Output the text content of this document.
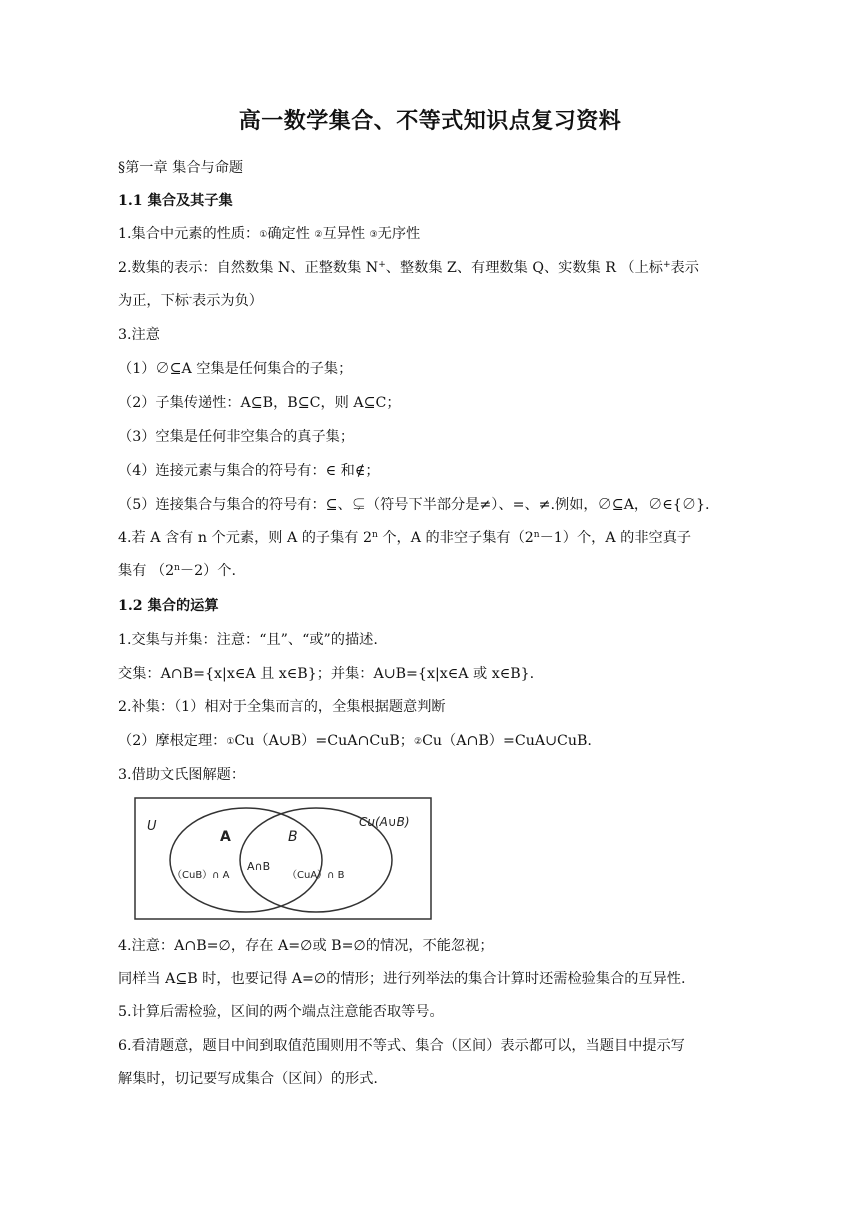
高一数学集合、不等式知识点复习资料
§第一章 集合与命题
1.1 集合及其子集
1.集合中元素的性质：①确定性 ②互异性 ③无序性
2.数集的表示：自然数集 N、正整数集 N+、整数集 Z、有理数集 Q、实数集 R （上标+表示
为正，下标-表示为负）
3.注意
（1）∅⊆A 空集是任何集合的子集；
（2）子集传递性：A⊆B，B⊆C，则 A⊆C；
（3）空集是任何非空集合的真子集；
（4）连接元素与集合的符号有：∈ 和∉；
（5）连接集合与集合的符号有：⊆、⊊（符号下半部分是≠）、=、≠.例如，∅⊆A，∅∈{∅}.
4.若 A 含有 n 个元素，则 A 的子集有 2$^n$ 个，A 的非空子集有$(2^n-1)$个，A 的非空真子
集有 $(2^n-2)$个.
1.2 集合的运算
1.交集与并集：注意：“且”、“或”的描述.
交集：A∩B={x|x∈A 且 x∈B}；并集：A∪B={x|x∈A 或 x∈B}.
2.补集：（1）相对于全集而言的，全集根据题意判断
（2）摩根定理：①Cu（A∪B）=CuA∩CuB；②Cu（A∩B）=CuA∪CuB.
3.借助文氏图解题：
U
A	B
Cu(A∪B)
（CuB）∩ A
A∩B
（CuA）∩ B
4.注意：A∩B=∅，存在 A=∅或 B=∅的情况，不能忽视；
同样当 A⊆B 时，也要记得 A=∅的情形；进行列举法的集合计算时还需检验集合的互异性.
5.计算后需检验，区间的两个端点注意能否取等号。
6.看清题意，题目中间到取值范围则用不等式、集合（区间）表示都可以，当题目中提示写
解集时，切记要写成集合（区间）的形式.
